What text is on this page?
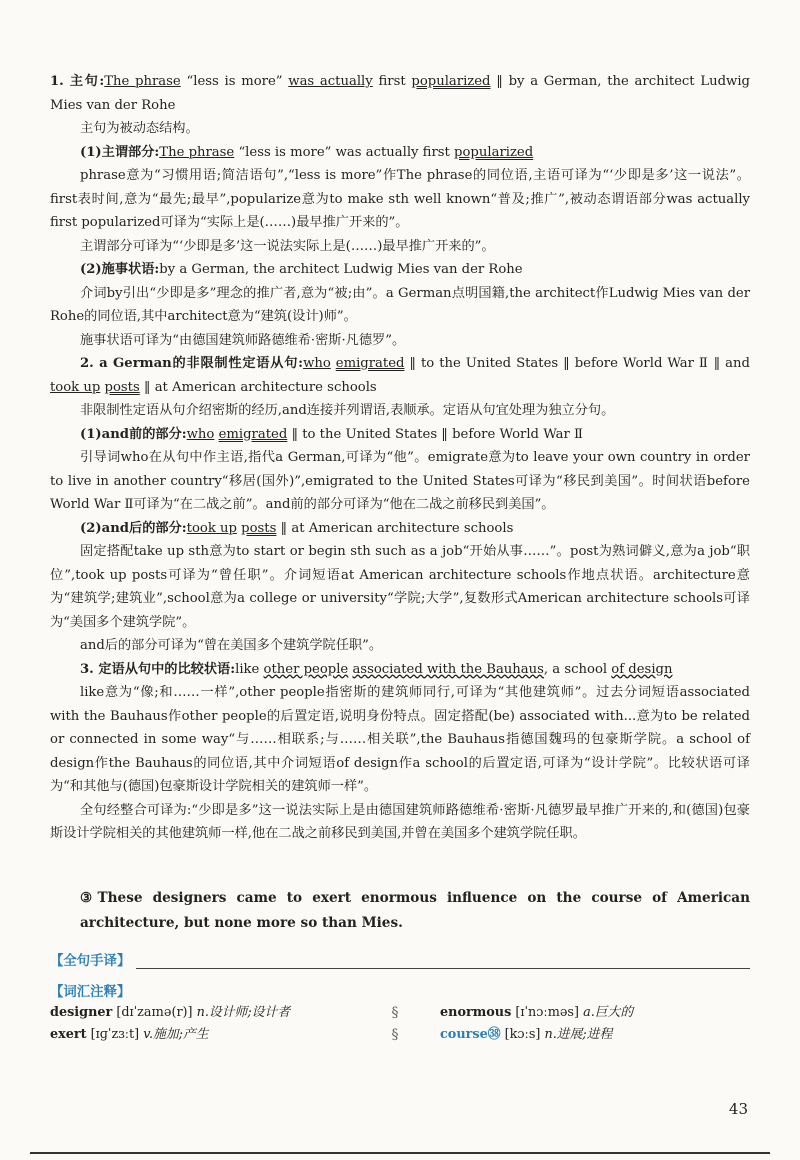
1. 主句:The phrase “less is more” was actually first popularized ‖ by a German, the architect Ludwig Mies van der Rohe

主句为被动态结构。

(1)主谓部分:The phrase “less is more” was actually first popularized

phrase意为“习惯用语;简洁语句”,“less is more”作The phrase的同位语,主语可译为“‘少即是多’这一说法”。first表时间,意为“最先;最早”,popularize意为to make sth well known“普及;推广”,被动态谓语部分was actually first popularized可译为“实际上是(……)最早推广开来的”。

主谓部分可译为“‘少即是多’这一说法实际上是(……)最早推广开来的”。

(2)施事状语:by a German, the architect Ludwig Mies van der Rohe

介词by引出“少即是多”理念的推广者,意为“被;由”。a German点明国籍,the architect作Ludwig Mies van der Rohe的同位语,其中architect意为“建筑(设计)师”。

施事状语可译为“由德国建筑师路德维希·密斯·凡德罗”。

2. a German的非限制性定语从句:who emigrated ‖ to the United States ‖ before World War Ⅱ ‖ and took up posts ‖ at American architecture schools

非限制性定语从句介绍密斯的经历,and连接并列谓语,表顺承。定语从句宜处理为独立分句。

(1)and前的部分:who emigrated ‖ to the United States ‖ before World War Ⅱ

引导词who在从句中作主语,指代a German,可译为“他”。emigrate意为to leave your own country in order to live in another country“移居(国外)”,emigrated to the United States可译为“移民到美国”。时间状语before World War Ⅱ可译为“在二战之前”。and前的部分可译为“他在二战之前移民到美国”。

(2)and后的部分:took up posts ‖ at American architecture schools

固定搭配take up sth意为to start or begin sth such as a job“开始从事……”。post为熟词僻义,意为a job“职位”,took up posts可译为“曾任职”。介词短语at American architecture schools作地点状语。architecture意为“建筑学;建筑业”,school意为a college or university“学院;大学”,复数形式American architecture schools可译为“美国多个建筑学院”。

and后的部分可译为“曾在美国多个建筑学院任职”。

3. 定语从句中的比较状语:like other people associated with the Bauhaus, a school of design

like意为“像;和……一样”,other people指密斯的建筑师同行,可译为“其他建筑师”。过去分词短语associated with the Bauhaus作other people的后置定语,说明身份特点。固定搭配(be) associated with...意为to be related or connected in some way“与……相联系;与……相关联”,the Bauhaus指德国魏玛的包豪斯学院。a school of design作the Bauhaus的同位语,其中介词短语of design作a school的后置定语,可译为“设计学院”。比较状语可译为“和其他与(德国)包豪斯设计学院相关的建筑师一样”。

全句经整合可译为:“少即是多”这一说法实际上是由德国建筑师路德维希·密斯·凡德罗最早推广开来的,和(德国)包豪斯设计学院相关的其他建筑师一样,他在二战之前移民到美国,并曾在美国多个建筑学院任职。

③These designers came to exert enormous influence on the course of American architecture, but none more so than Mies.

【全句手译】
【词汇注释】
designer [dɪˈzaɪnə(r)] n.设计师;设计者	§	enormous [ɪˈnɔːməs] a.巨大的
exert [ɪɡˈzɜːt] v.施加;产生	§	course㊳ [kɔːs] n.进展;进程
43
